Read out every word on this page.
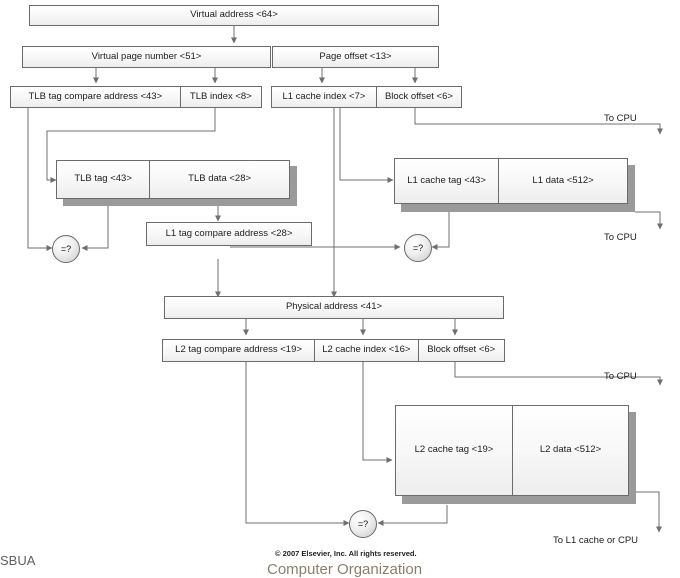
Virtual address <64>
Virtual page number <51>	Page offset <13>
TLB tag compare address <43>	TLB index <8>	L1 cache index <7> Block offset <6>
To CPU
TLB tag <43>	TLB data <28>	L1 cache tag <43>	L1 data <512>
To CPU
L1 tag compare address <28>
=?	=?
=?
Physical address <41>
L2 tag compare address <19> L2 cache index <16> Block offset <6>
To CPU
L2 cache tag <19>	L2 data <512>
To L1 cache or CPU
© 2007 Elsevier, Inc. All rights reserved.
Computer Organization
SBUA
